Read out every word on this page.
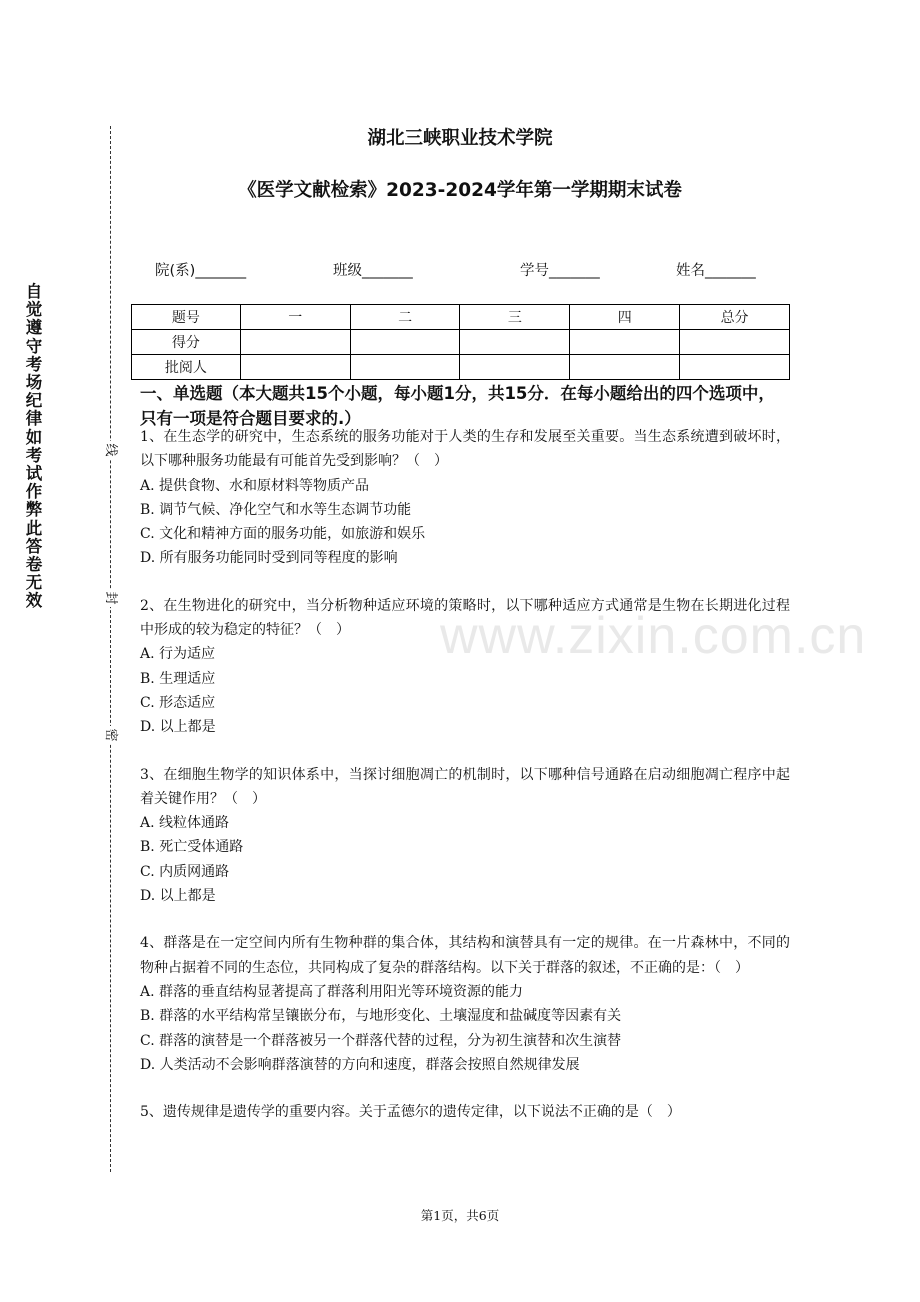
www.zixin.com.cn
自觉遵守考场纪律如考试作弊此答卷无效
线
封
密
湖北三峡职业技术学院
《医学文献检索》2023-2024学年第一学期期末试卷
院(系)_______	班级_______	学号_______	姓名_______
题号	一	二	三	四	总分
得分					
批阅人					
一、单选题（本大题共15个小题，每小题1分，共15分．在每小题给出的四个选项中，只有一项是符合题目要求的.）

1、在生态学的研究中，生态系统的服务功能对于人类的生存和发展至关重要。当生态系统遭到破坏时，以下哪种服务功能最有可能首先受到影响？（　）

A. 提供食物、水和原材料等物质产品

B. 调节气候、净化空气和水等生态调节功能

C. 文化和精神方面的服务功能，如旅游和娱乐

D. 所有服务功能同时受到同等程度的影响

2、在生物进化的研究中，当分析物种适应环境的策略时，以下哪种适应方式通常是生物在长期进化过程中形成的较为稳定的特征？（　）

A. 行为适应

B. 生理适应

C. 形态适应

D. 以上都是

3、在细胞生物学的知识体系中，当探讨细胞凋亡的机制时，以下哪种信号通路在启动细胞凋亡程序中起着关键作用？（　）

A. 线粒体通路

B. 死亡受体通路

C. 内质网通路

D. 以上都是

4、群落是在一定空间内所有生物种群的集合体，其结构和演替具有一定的规律。在一片森林中，不同的物种占据着不同的生态位，共同构成了复杂的群落结构。以下关于群落的叙述，不正确的是：（　）

A. 群落的垂直结构显著提高了群落利用阳光等环境资源的能力

B. 群落的水平结构常呈镶嵌分布，与地形变化、土壤湿度和盐碱度等因素有关

C. 群落的演替是一个群落被另一个群落代替的过程，分为初生演替和次生演替

D. 人类活动不会影响群落演替的方向和速度，群落会按照自然规律发展

5、遗传规律是遗传学的重要内容。关于孟德尔的遗传定律，以下说法不正确的是（　）

第1页，共6页
